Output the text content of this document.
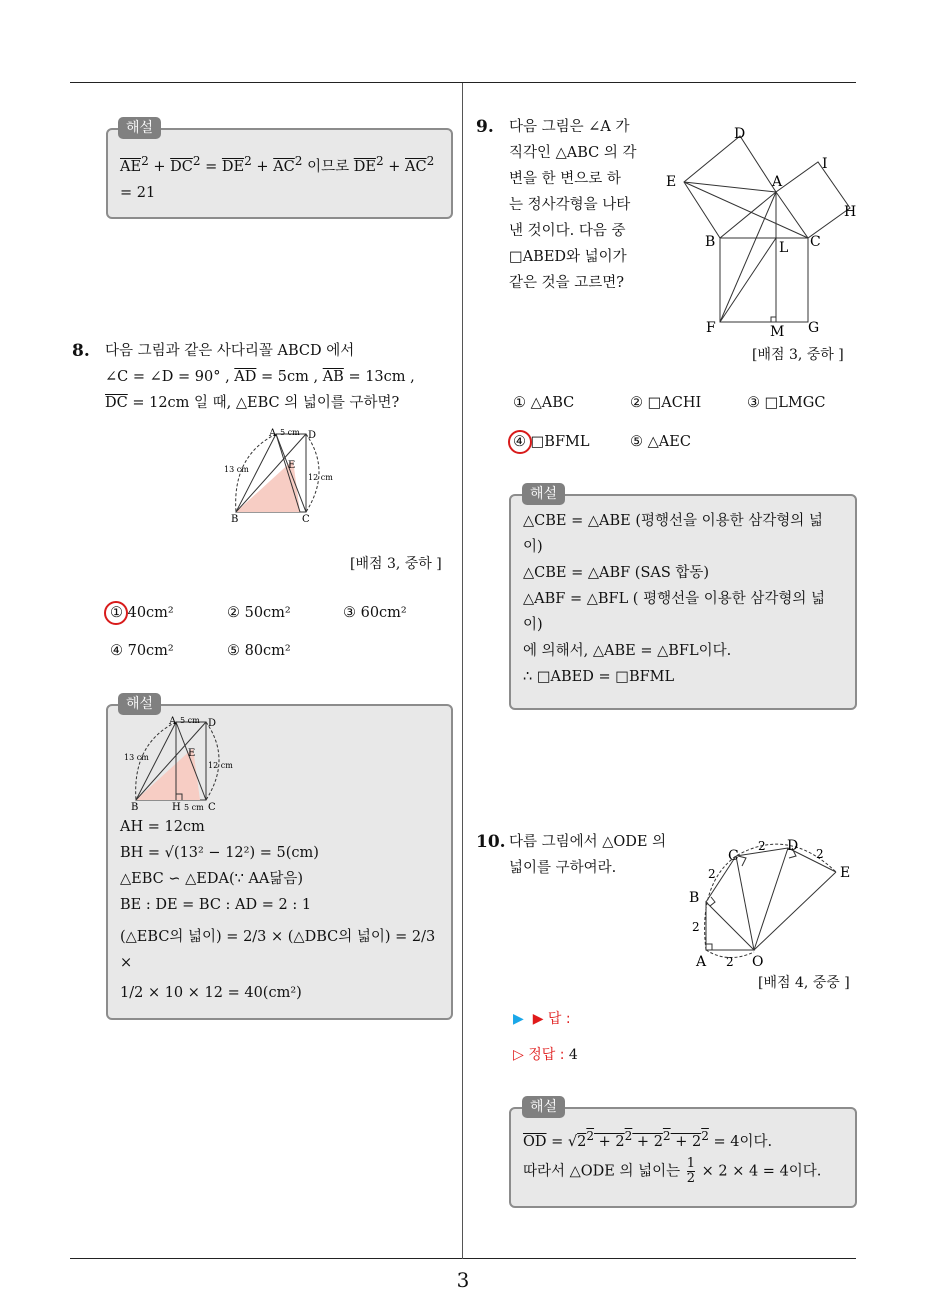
3
$\overline{AE}^2 + \overline{DC}^2 = \overline{DE}^2 + \overline{AC}^2$ 이므로 $\overline{DE}^2 + \overline{AC}^2$
= 21
해설
8. 다음 그림과 같은 사다리꼴 ABCD 에서
∠C = ∠D = 90° , $\overline{AD} = 5cm$ , $\overline{AB} = 13cm$ ,
$\overline{DC} = 12cm$ 일 때, △EBC 의 넓이를 구하면?
A	D
B	C
E
5 cm
13 cm
12 cm
[배점 3, 중하 ]
① 40cm²	② 50cm²	③ 60cm²
④ 70cm²	⑤ 80cm²
A	D
B	H	C
E
5 cm
13 cm
12 cm
5 cm
AH = 12cm
BH = √(13² − 12²) = 5(cm)
△EBC ∽ △EDA(∵ AA닮음)
BE : DE = BC : AD = 2 : 1
(△EBC의 넓이) = 2/3 × (△DBC의 넓이) = 2/3 ×
1/2 × 10 × 12 = 40(cm²)
해설
9. 다음 그림은 ∠A 가
직각인 △ABC 의 각
변을 한 변으로 하
는 정사각형을 나타
낸 것이다. 다음 중
□ABED와 넓이가
같은 것을 고르면?
D
E	A
I
H
B	C
L
F	M G
[배점 3, 중하 ]
① △ABC	② □ACHI	③ □LMGC
④ □BFML	⑤ △AEC
△CBE = △ABE (평행선을 이용한 삼각형의 넓
이)
△CBE = △ABF (SAS 합동)
△ABF = △BFL ( 평행선을 이용한 삼각형의 넓
이)
에 의해서, △ABE = △BFL이다.
∴ □ABED = □BFML
해설
10. 다름 그림에서 △ODE 의
넓이를 구하여라.
A
B
C
D
E
O
2
2
2
2
2
[배점 4, 중중 ]
▶ ▶ 답 :
▷ 정답 : 4
$\overline{OD} = √2^2 + 2^2 + 2^2 + 2^2 = 4$이다.
따라서 △ODE 의 넓이는 $\frac{1}{2} \times 2 \times 4 = 4$이다.
해설
